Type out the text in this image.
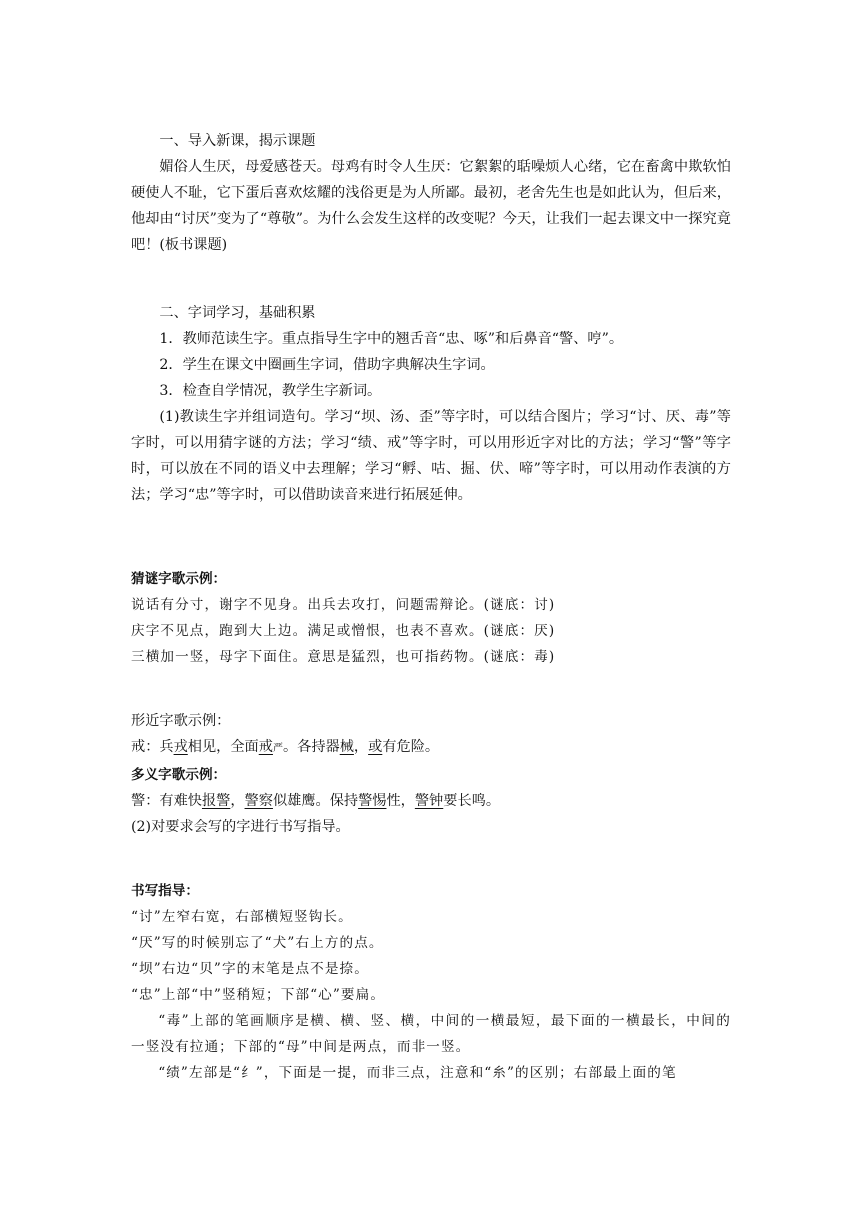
一、导入新课，揭示课题

媚俗人生厌，母爱感苍天。母鸡有时令人生厌：它絮絮的聒噪烦人心绪，它在畜禽中欺软怕硬使人不耻，它下蛋后喜欢炫耀的浅俗更是为人所鄙。最初，老舍先生也是如此认为，但后来，他却由“讨厌”变为了“尊敬”。为什么会发生这样的改变呢？今天，让我们一起去课文中一探究竟吧！(板书课题)

二、字词学习，基础积累

1．教师范读生字。重点指导生字中的翘舌音“忠、啄”和后鼻音“警、哼”。

2．学生在课文中圈画生字词，借助字典解决生字词。

3．检查自学情况，教学生字新词。

(1)教读生字并组词造句。学习“坝、汤、歪”等字时，可以结合图片；学习“讨、厌、毒”等字时，可以用猜字谜的方法；学习“绩、戒”等字时，可以用形近字对比的方法；学习“警”等字时，可以放在不同的语义中去理解；学习“孵、咕、掘、伏、啼”等字时，可以用动作表演的方法；学习“忠”等字时，可以借助读音来进行拓展延伸。

猜谜字歌示例：

说话有分寸，谢字不见身。出兵去攻打，问题需辩论。(谜底：讨)

庆字不见点，跑到大上边。满足或憎恨，也表不喜欢。(谜底：厌)

三横加一竖，母字下面住。意思是猛烈，也可指药物。(谜底：毒)

形近字歌示例：

戒：兵戎相见，全面戒严。各持器械，或有危险。

多义字歌示例：

警：有难快报警，警察似雄鹰。保持警惕性，警钟要长鸣。

(2)对要求会写的字进行书写指导。

书写指导：

“讨”左窄右宽，右部横短竖钩长。

“厌”写的时候别忘了“犬”右上方的点。

“坝”右边“贝”字的末笔是点不是捺。

“忠”上部“中”竖稍短；下部“心”要扁。

“毒”上部的笔画顺序是横、横、竖、横，中间的一横最短，最下面的一横最长，中间的一竖没有拉通；下部的“母”中间是两点，而非一竖。

“绩”左部是“纟”，下面是一提，而非三点，注意和“糸”的区别；右部最上面的笔
